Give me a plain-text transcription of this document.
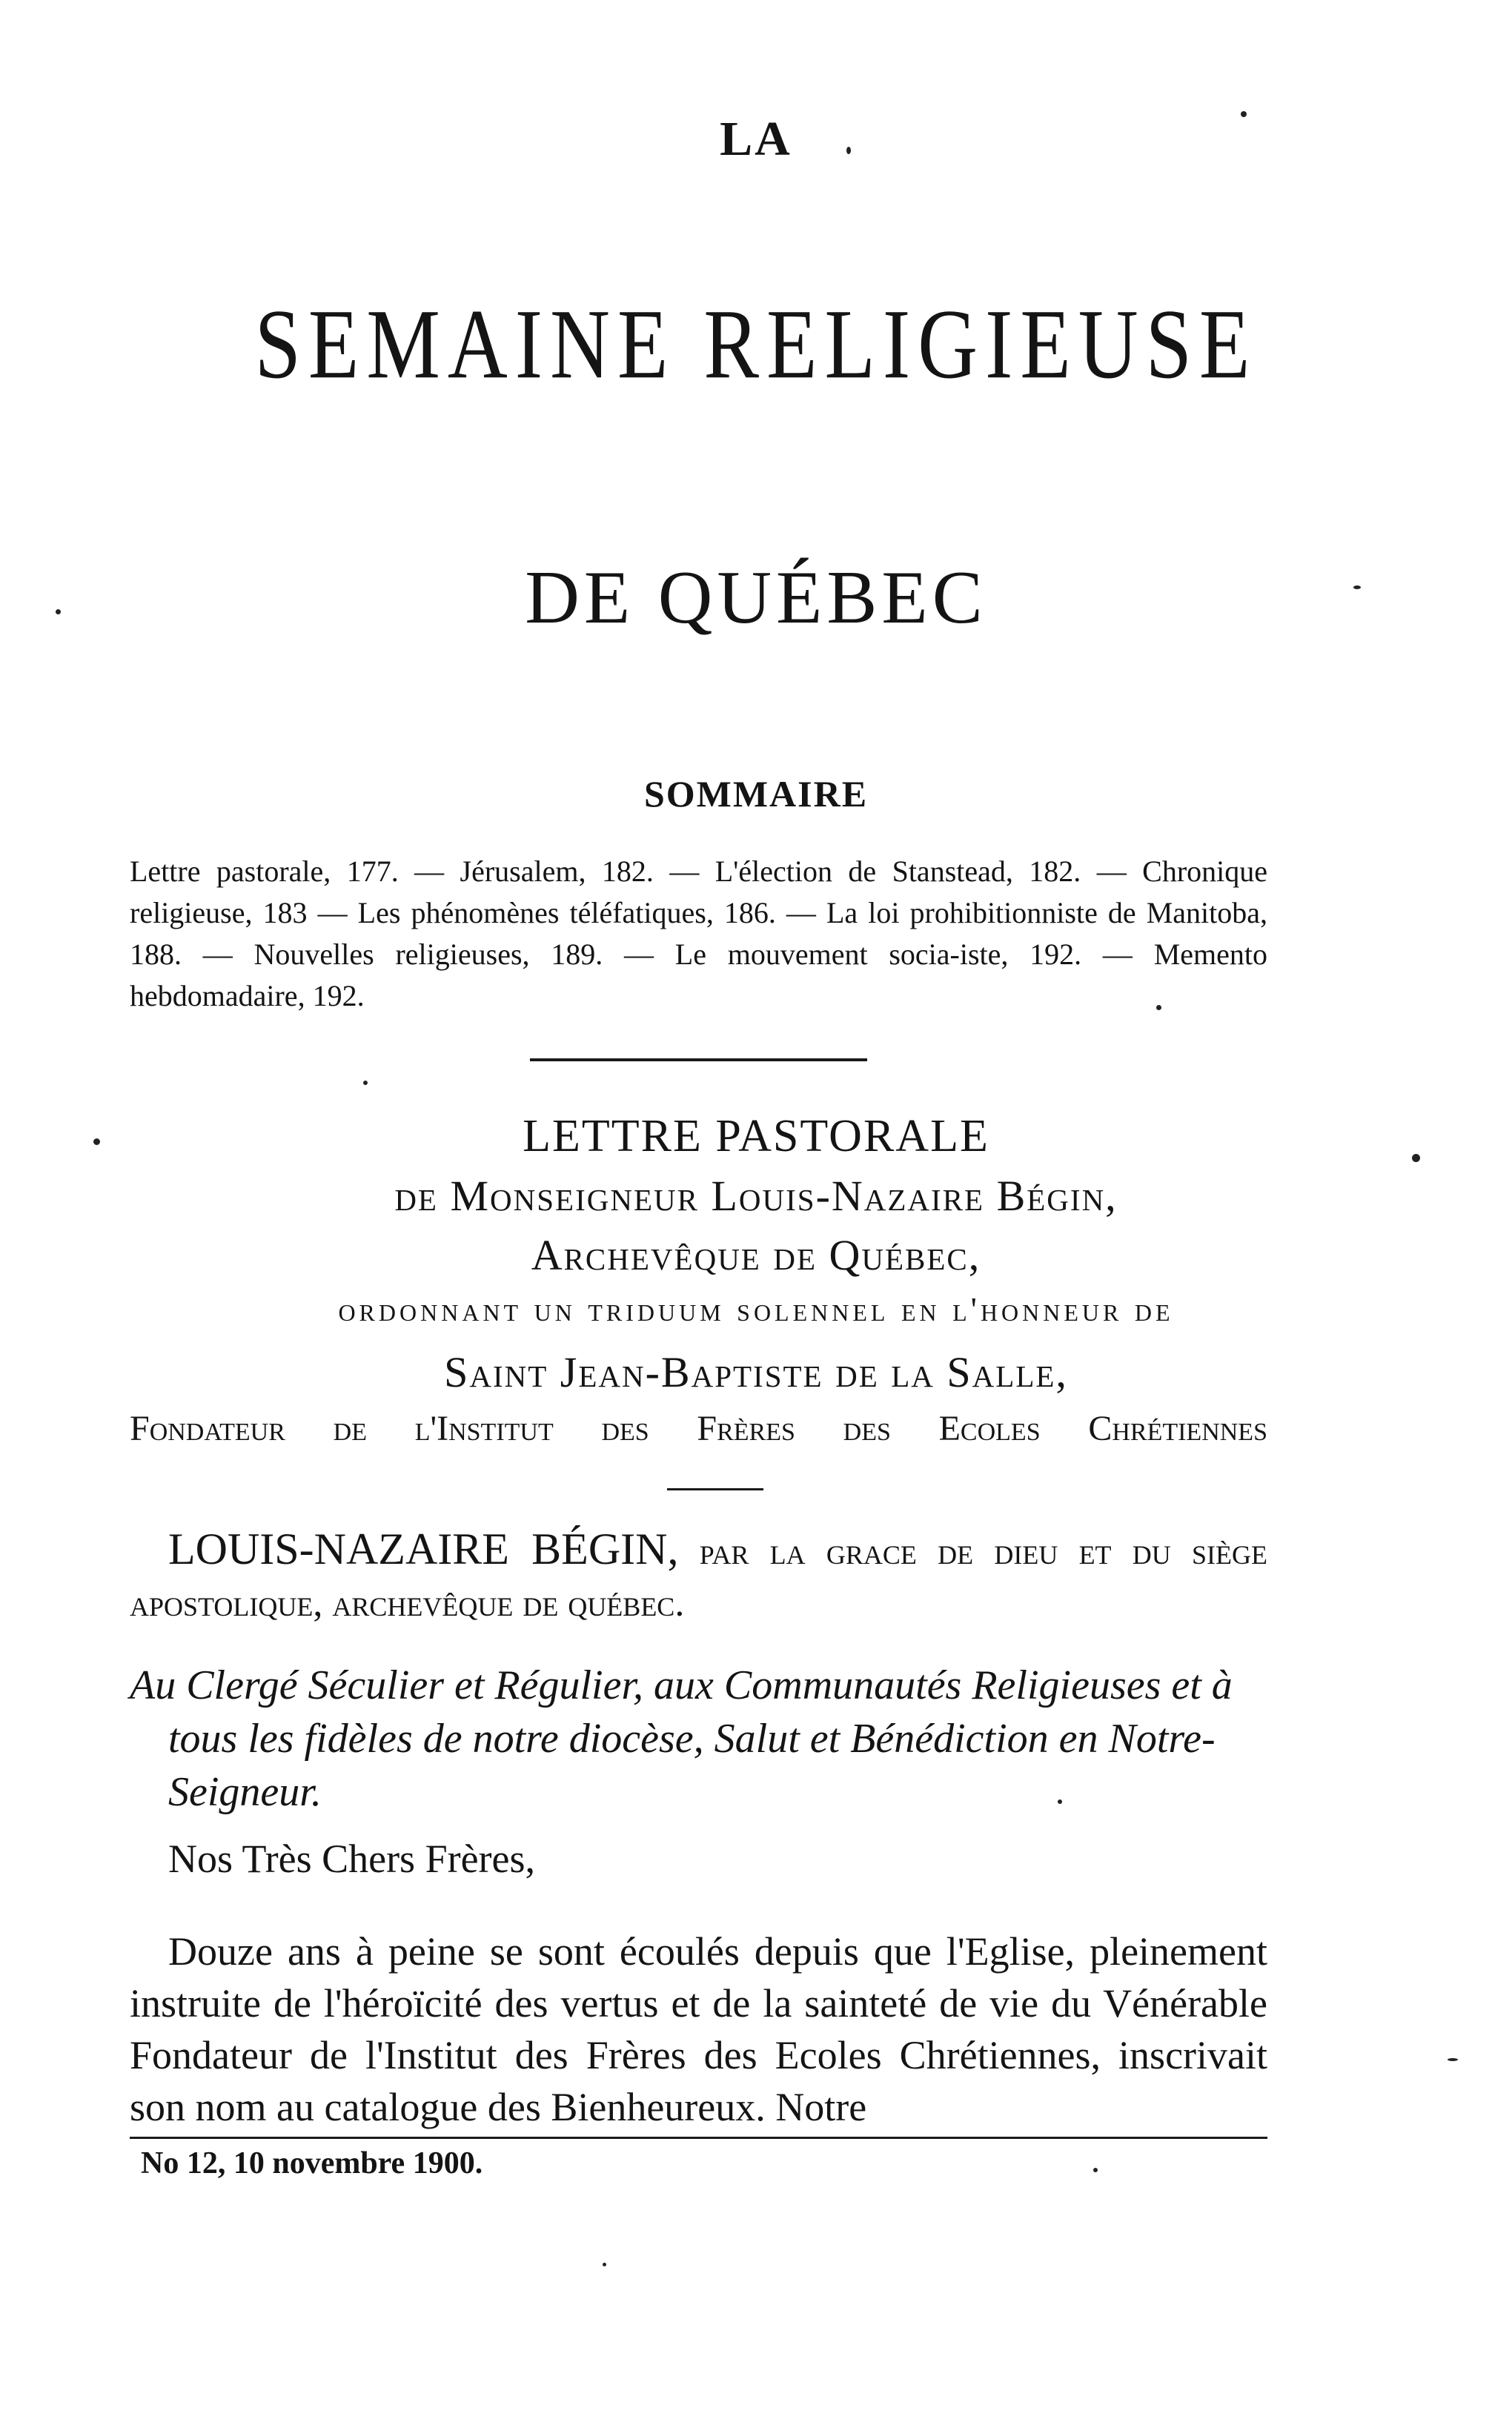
LA
SEMAINE RELIGIEUSE
DE QUÉBEC
SOMMAIRE
Lettre pastorale, 177. — Jérusalem, 182. — L'élection de Stanstead, 182. — Chronique religieuse, 183 — Les phénomènes téléfatiques, 186. — La loi prohibitionniste de Manitoba, 188. — Nouvelles religieuses, 189. — Le mouvement socia-iste, 192. — Memento hebdomadaire, 192.
LETTRE PASTORALE
de Monseigneur Louis-Nazaire Bégin,
Archevêque de Québec,
ordonnant un triduum solennel en l'honneur de
Saint Jean-Baptiste de la Salle,
Fondateur de l'Institut des Frères des Ecoles Chrétiennes
LOUIS-NAZAIRE BÉGIN, par la grace de dieu et du siège apostolique, archevêque de québec.
Au Clergé Séculier et Régulier, aux Communautés Religieuses et à tous les fidèles de notre diocèse, Salut et Bénédiction en Notre-Seigneur.
Nos Très Chers Frères,
Douze ans à peine se sont écoulés depuis que l'Eglise, pleinement instruite de l'héroïcité des vertus et de la sainteté de vie du Vénérable Fondateur de l'Institut des Frères des Ecoles Chrétiennes, inscrivait son nom au catalogue des Bienheureux. Notre
No 12, 10 novembre 1900.
